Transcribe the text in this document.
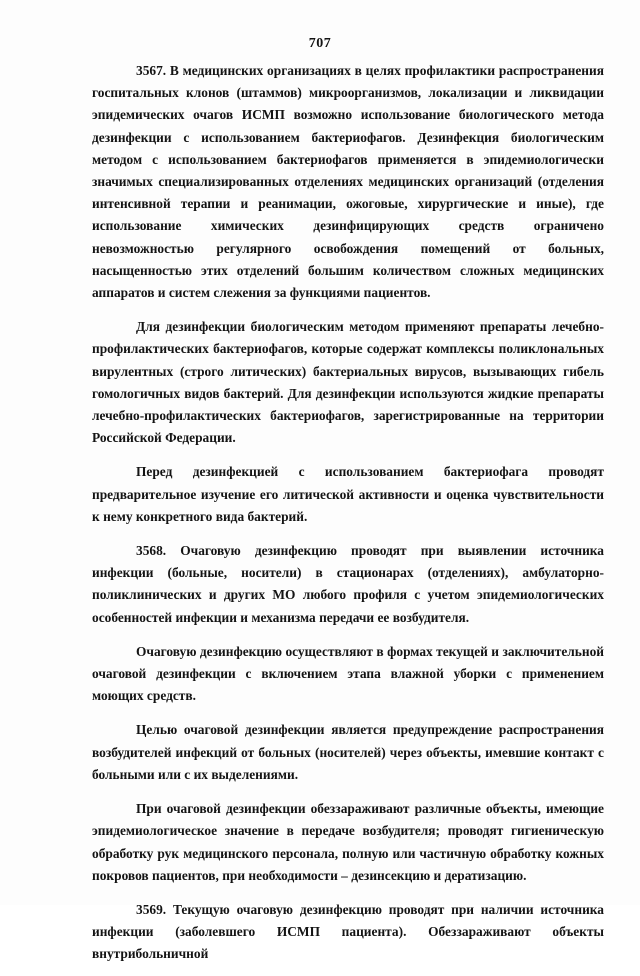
707

3567. В медицинских организациях в целях профилактики распространения госпитальных клонов (штаммов) микроорганизмов, локализации и ликвидации эпидемических очагов ИСМП возможно использование биологического метода дезинфекции с использованием бактериофагов. Дезинфекция биологическим методом с использованием бактериофагов применяется в эпидемиологически значимых специализированных отделениях медицинских организаций (отделения интенсивной терапии и реанимации, ожоговые, хирургические и иные), где использование химических дезинфицирующих средств ограничено невозможностью регулярного освобождения помещений от больных, насыщенностью этих отделений большим количеством сложных медицинских аппаратов и систем слежения за функциями пациентов.

Для дезинфекции биологическим методом применяют препараты лечебно-профилактических бактериофагов, которые содержат комплексы поликлональных вирулентных (строго литических) бактериальных вирусов, вызывающих гибель гомологичных видов бактерий. Для дезинфекции используются жидкие препараты лечебно-профилактических бактериофагов, зарегистрированные на территории Российской Федерации.

Перед дезинфекцией с использованием бактериофага проводят предварительное изучение его литической активности и оценка чувствительности к нему конкретного вида бактерий.

3568. Очаговую дезинфекцию проводят при выявлении источника инфекции (больные, носители) в стационарах (отделениях), амбулаторно-поликлинических и других МО любого профиля с учетом эпидемиологических особенностей инфекции и механизма передачи ее возбудителя.

Очаговую дезинфекцию осуществляют в формах текущей и заключительной очаговой дезинфекции с включением этапа влажной уборки с применением моющих средств.

Целью очаговой дезинфекции является предупреждение распространения возбудителей инфекций от больных (носителей) через объекты, имевшие контакт с больными или с их выделениями.

При очаговой дезинфекции обеззараживают различные объекты, имеющие эпидемиологическое значение в передаче возбудителя; проводят гигиеническую обработку рук медицинского персонала, полную или частичную обработку кожных покровов пациентов, при необходимости – дезинсекцию и дератизацию.

3569. Текущую очаговую дезинфекцию проводят при наличии источника инфекции (заболевшего ИСМП пациента). Обеззараживают объекты внутрибольничной
